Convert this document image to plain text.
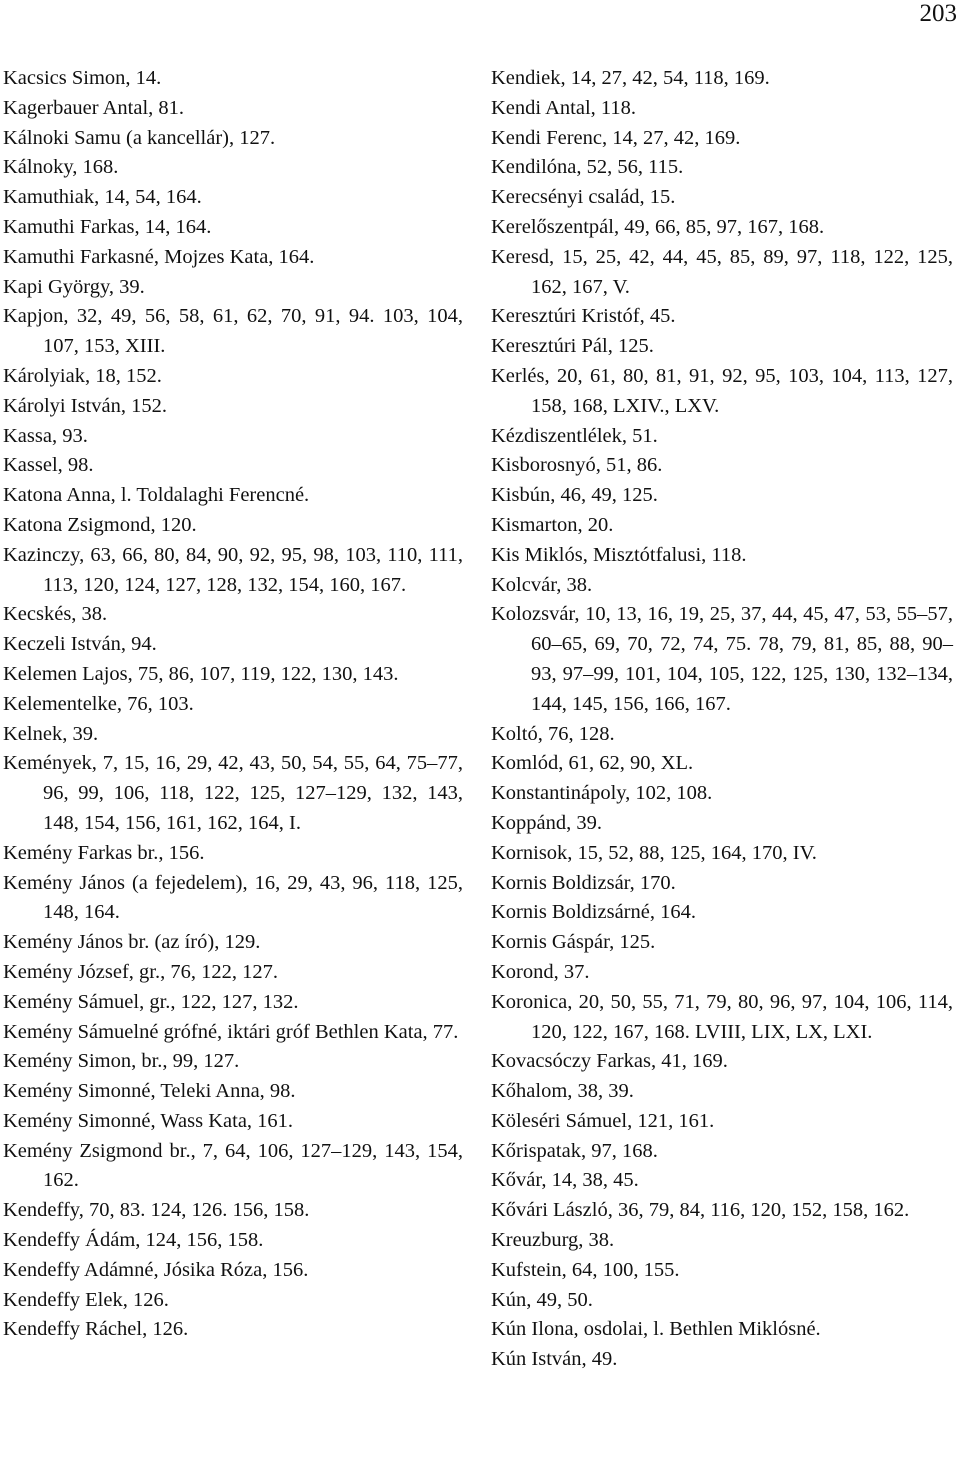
203
Kacsics Simon, 14.
Kagerbauer Antal, 81.
Kálnoki Samu (a kancellár), 127.
Kálnoky, 168.
Kamuthiak, 14, 54, 164.
Kamuthi Farkas, 14, 164.
Kamuthi Farkasné, Mojzes Kata, 164.
Kapi György, 39.
Kapjon, 32, 49, 56, 58, 61, 62, 70, 91, 94. 103, 104, 107, 153, XIII.
Károlyiak, 18, 152.
Károlyi István, 152.
Kassa, 93.
Kassel, 98.
Katona Anna, l. Toldalaghi Ferencné.
Katona Zsigmond, 120.
Kazinczy, 63, 66, 80, 84, 90, 92, 95, 98, 103, 110, 111, 113, 120, 124, 127, 128, 132, 154, 160, 167.
Kecskés, 38.
Keczeli István, 94.
Kelemen Lajos, 75, 86, 107, 119, 122, 130, 143.
Kelementelke, 76, 103.
Kelnek, 39.
Kemények, 7, 15, 16, 29, 42, 43, 50, 54, 55, 64, 75–77, 96, 99, 106, 118, 122, 125, 127–129, 132, 143, 148, 154, 156, 161, 162, 164, I.
Kemény Farkas br., 156.
Kemény János (a fejedelem), 16, 29, 43, 96, 118, 125, 148, 164.
Kemény János br. (az író), 129.
Kemény József, gr., 76, 122, 127.
Kemény Sámuel, gr., 122, 127, 132.
Kemény Sámuelné grófné, iktári gróf Bethlen Kata, 77.
Kemény Simon, br., 99, 127.
Kemény Simonné, Teleki Anna, 98.
Kemény Simonné, Wass Kata, 161.
Kemény Zsigmond br., 7, 64, 106, 127–129, 143, 154, 162.
Kendeffy, 70, 83. 124, 126. 156, 158.
Kendeffy Ádám, 124, 156, 158.
Kendeffy Adámné, Jósika Róza, 156.
Kendeffy Elek, 126.
Kendeffy Ráchel, 126.
Kendiek, 14, 27, 42, 54, 118, 169.
Kendi Antal, 118.
Kendi Ferenc, 14, 27, 42, 169.
Kendilóna, 52, 56, 115.
Kerecsényi család, 15.
Kerelőszentpál, 49, 66, 85, 97, 167, 168.
Keresd, 15, 25, 42, 44, 45, 85, 89, 97, 118, 122, 125, 162, 167, V.
Keresztúri Kristóf, 45.
Keresztúri Pál, 125.
Kerlés, 20, 61, 80, 81, 91, 92, 95, 103, 104, 113, 127, 158, 168, LXIV., LXV.
Kézdiszentlélek, 51.
Kisborosnyó, 51, 86.
Kisbún, 46, 49, 125.
Kismarton, 20.
Kis Miklós, Misztótfalusi, 118.
Kolcvár, 38.
Kolozsvár, 10, 13, 16, 19, 25, 37, 44, 45, 47, 53, 55–57, 60–65, 69, 70, 72, 74, 75. 78, 79, 81, 85, 88, 90–93, 97–99, 101, 104, 105, 122, 125, 130, 132–134, 144, 145, 156, 166, 167.
Koltó, 76, 128.
Komlód, 61, 62, 90, XL.
Konstantinápoly, 102, 108.
Koppánd, 39.
Kornisok, 15, 52, 88, 125, 164, 170, IV.
Kornis Boldizsár, 170.
Kornis Boldizsárné, 164.
Kornis Gáspár, 125.
Korond, 37.
Koronica, 20, 50, 55, 71, 79, 80, 96, 97, 104, 106, 114, 120, 122, 167, 168. LVIII, LIX, LX, LXI.
Kovacsóczy Farkas, 41, 169.
Kőhalom, 38, 39.
Köleséri Sámuel, 121, 161.
Kőrispatak, 97, 168.
Kővár, 14, 38, 45.
Kővári László, 36, 79, 84, 116, 120, 152, 158, 162.
Kreuzburg, 38.
Kufstein, 64, 100, 155.
Kún, 49, 50.
Kún Ilona, osdolai, l. Bethlen Miklósné.
Kún István, 49.
